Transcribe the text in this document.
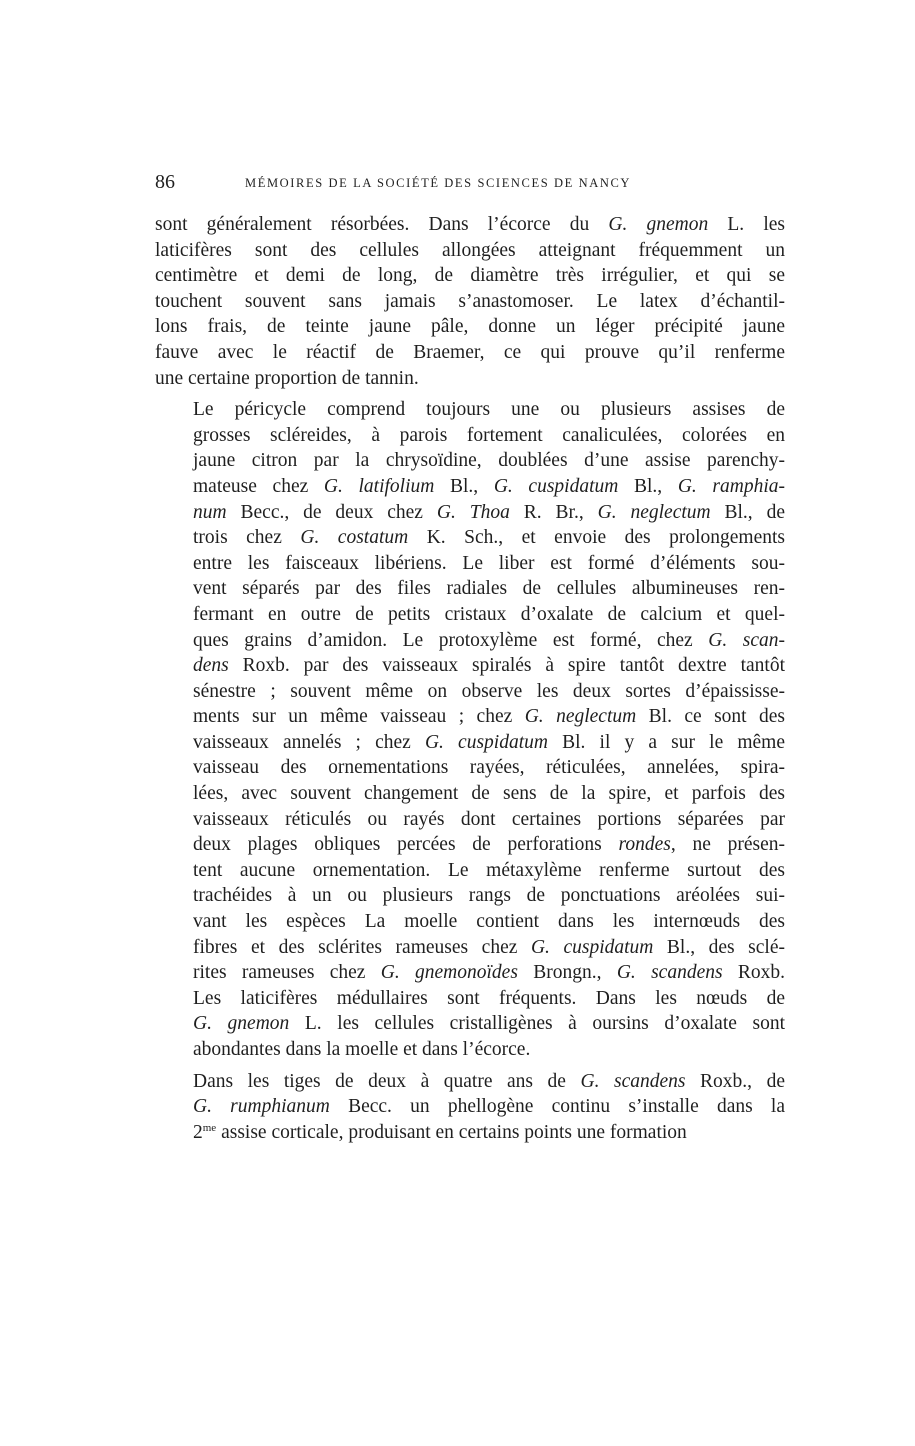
86	MÉMOIRES DE LA SOCIÉTÉ DES SCIENCES DE NANCY
sont généralement résorbées. Dans l’écorce du G. gnemon L. les
laticifères sont des cellules allongées atteignant fréquemment un
centimètre et demi de long, de diamètre très irrégulier, et qui se
touchent souvent sans jamais s’anastomoser. Le latex d’échantil-
lons frais, de teinte jaune pâle, donne un léger précipité jaune
fauve avec le réactif de Braemer, ce qui prouve qu’il renferme
une certaine proportion de tannin.
Le péricycle comprend toujours une ou plusieurs assises de
grosses scléreides, à parois fortement canaliculées, colorées en
jaune citron par la chrysoïdine, doublées d’une assise parenchy-
mateuse chez G. latifolium Bl., G. cuspidatum Bl., G. ramphia-
num Becc., de deux chez G. Thoa R. Br., G. neglectum Bl., de
trois chez G. costatum K. Sch., et envoie des prolongements
entre les faisceaux libériens. Le liber est formé d’éléments sou-
vent séparés par des files radiales de cellules albumineuses ren-
fermant en outre de petits cristaux d’oxalate de calcium et quel-
ques grains d’amidon. Le protoxylème est formé, chez G. scan-
dens Roxb. par des vaisseaux spiralés à spire tantôt dextre tantôt
sénestre ; souvent même on observe les deux sortes d’épaississe-
ments sur un même vaisseau ; chez G. neglectum Bl. ce sont des
vaisseaux annelés ; chez G. cuspidatum Bl. il y a sur le même
vaisseau des ornementations rayées, réticulées, annelées, spira-
lées, avec souvent changement de sens de la spire, et parfois des
vaisseaux réticulés ou rayés dont certaines portions séparées par
deux plages obliques percées de perforations rondes, ne présen-
tent aucune ornementation. Le métaxylème renferme surtout des
trachéides à un ou plusieurs rangs de ponctuations aréolées sui-
vant les espèces La moelle contient dans les internœuds des
fibres et des sclérites rameuses chez G. cuspidatum Bl., des sclé-
rites rameuses chez G. gnemonoïdes Brongn., G. scandens Roxb.
Les laticifères médullaires sont fréquents. Dans les nœuds de
G. gnemon L. les cellules cristalligènes à oursins d’oxalate sont
abondantes dans la moelle et dans l’écorce.
Dans les tiges de deux à quatre ans de G. scandens Roxb., de
G. rumphianum Becc. un phellogène continu s’installe dans la
$2^{me}$ assise corticale, produisant en certains points une formation
